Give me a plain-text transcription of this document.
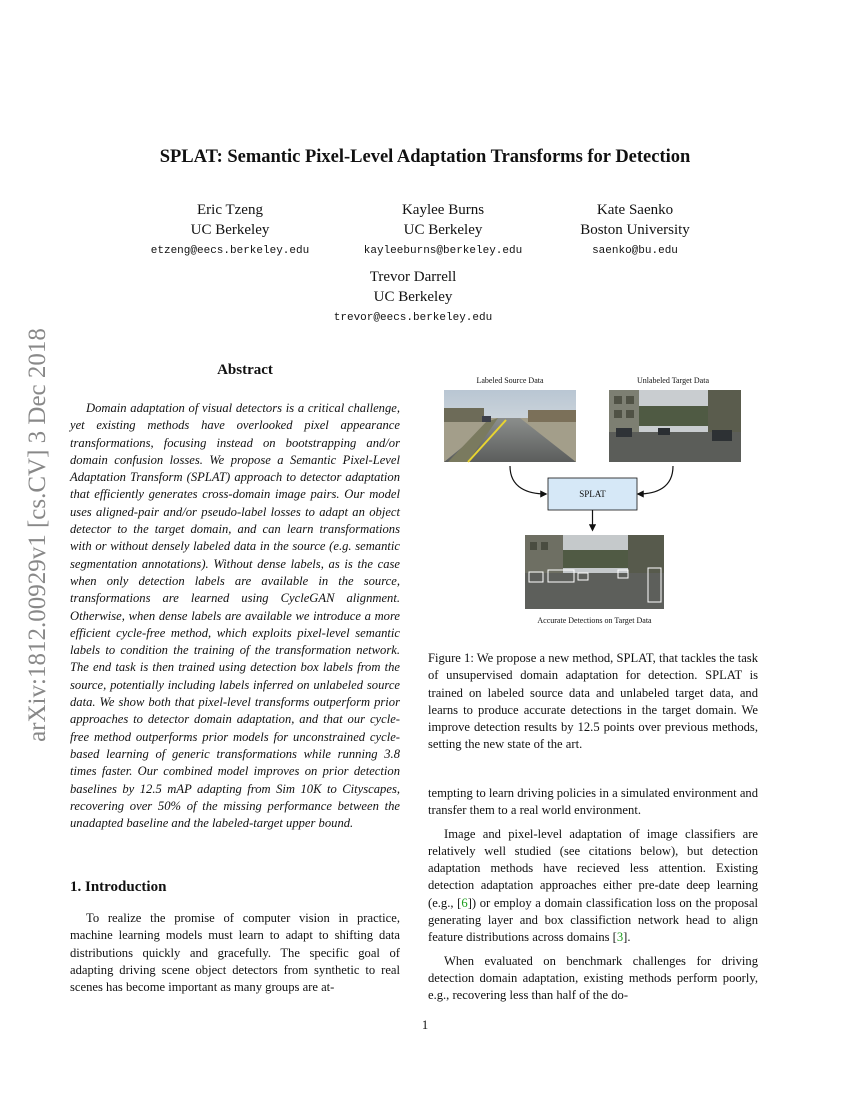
arXiv:1812.00929v1 [cs.CV] 3 Dec 2018
SPLAT: Semantic Pixel-Level Adaptation Transforms for Detection
Eric Tzeng
UC Berkeley
etzeng@eecs.berkeley.edu
Kaylee Burns
UC Berkeley
kayleeburns@berkeley.edu
Kate Saenko
Boston University
saenko@bu.edu
Trevor Darrell
UC Berkeley
trevor@eecs.berkeley.edu
Abstract
Domain adaptation of visual detectors is a critical challenge, yet existing methods have overlooked pixel appearance transformations, focusing instead on bootstrapping and/or domain confusion losses. We propose a Semantic Pixel-Level Adaptation Transform (SPLAT) approach to detector adaptation that efficiently generates cross-domain image pairs. Our model uses aligned-pair and/or pseudo-label losses to adapt an object detector to the target domain, and can learn transformations with or without densely labeled data in the source (e.g. semantic segmentation annotations). Without dense labels, as is the case when only detection labels are available in the source, transformations are learned using CycleGAN alignment. Otherwise, when dense labels are available we introduce a more efficient cycle-free method, which exploits pixel-level semantic labels to condition the training of the transformation network. The end task is then trained using detection box labels from the source, potentially including labels inferred on unlabeled source data. We show both that pixel-level transforms outperform prior approaches to detector domain adaptation, and that our cycle-free method outperforms prior models for unconstrained cycle-based learning of generic transformations while running 3.8 times faster. Our combined model improves on prior detection baselines by 12.5 mAP adapting from Sim 10K to Cityscapes, recovering over 50% of the missing performance between the unadapted baseline and the labeled-target upper bound.
1. Introduction
To realize the promise of computer vision in practice, machine learning models must learn to adapt to shifting data distributions quickly and gracefully. The specific goal of adapting driving scene object detectors from synthetic to real scenes has become important as many groups are at-
Labeled Source Data	Unlabeled Target Data
SPLAT
Accurate Detections on Target Data
Figure 1: We propose a new method, SPLAT, that tackles the task of unsupervised domain adaptation for detection. SPLAT is trained on labeled source data and unlabeled target data, and learns to produce accurate detections in the target domain. We improve detection results by 12.5 points over previous methods, setting the new state of the art.

tempting to learn driving policies in a simulated environment and transfer them to a real world environment.

Image and pixel-level adaptation of image classifiers are relatively well studied (see citations below), but detection adaptation methods have recieved less attention. Existing detection adaptation approaches either pre-date deep learning (e.g., [6]) or employ a domain classification loss on the proposal generating layer and box classifiction network head to align feature distributions across domains [3].

When evaluated on benchmark challenges for driving detection domain adaptation, existing methods perform poorly, e.g., recovering less than half of the do-

1
